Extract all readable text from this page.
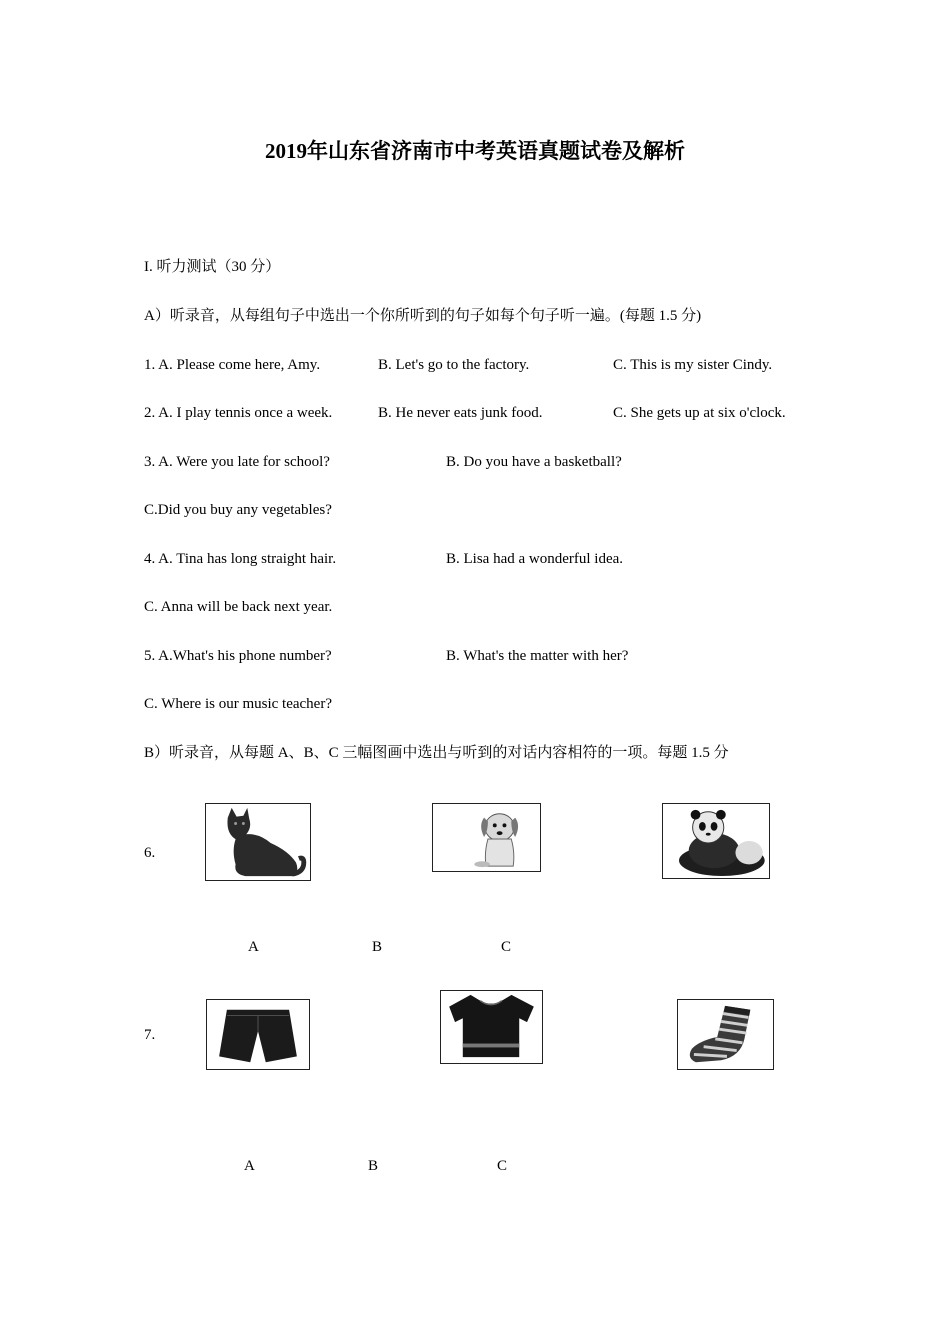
2019年山东省济南市中考英语真题试卷及解析
I. 听力测试（30 分）
A）听录音，从每组句子中选出一个你所听到的句子如每个句子听一遍。(每题 1.5 分)
1. A. Please come here, Amy.	B. Let's go to the factory.	C. This is my sister Cindy.
2. A. I play tennis once a week.	B. He never eats junk food.	C. She gets up at six o'clock.
3. A. Were you late for school?	B. Do you have a basketball?
C.Did you buy any vegetables?
4. A. Tina has long straight hair.	B. Lisa had a wonderful idea.
C. Anna will be back next year.
5. A.What's his phone number?	B. What's the matter with her?
C. Where is our music teacher?
B）听录音，从每题 A、B、C 三幅图画中选出与听到的对话内容相符的一项。每题 1.5 分
6.
A	B	C
7.
A	B	C
